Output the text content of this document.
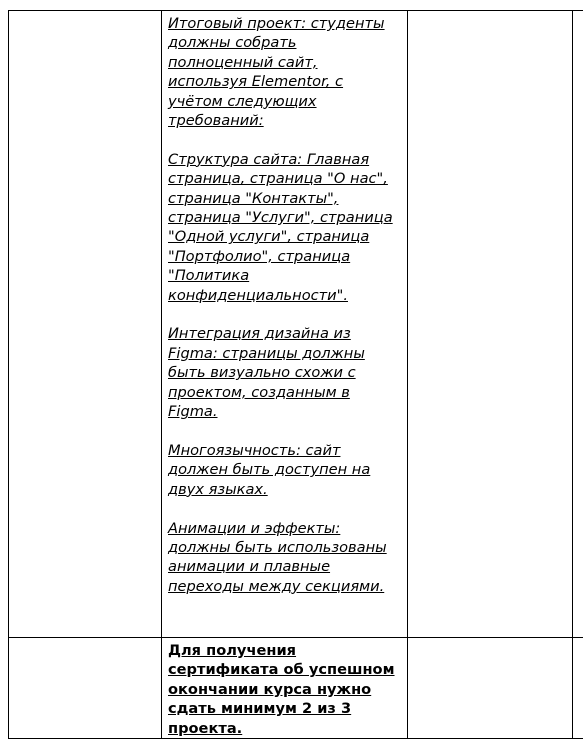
	Итоговый проект: студенты должны собрать полноценный сайт, используя Elementor, с учётом следующих требований:

Структура сайта: Главная страница, страница "О нас", страница "Контакты", страница "Услуги", страница "Одной услуги", страница "Портфолио", страница "Политика конфиденциальности".

Интеграция дизайна из Figma: страницы должны быть визуально схожи с проектом, созданным в Figma.

Многоязычность: сайт должен быть доступен на двух языках.

Анимации и эффекты: должны быть использованы анимации и плавные переходы между секциями.		

	Для получения сертификата об успешном окончании курса нужно сдать минимум 2 из 3 проекта.		
